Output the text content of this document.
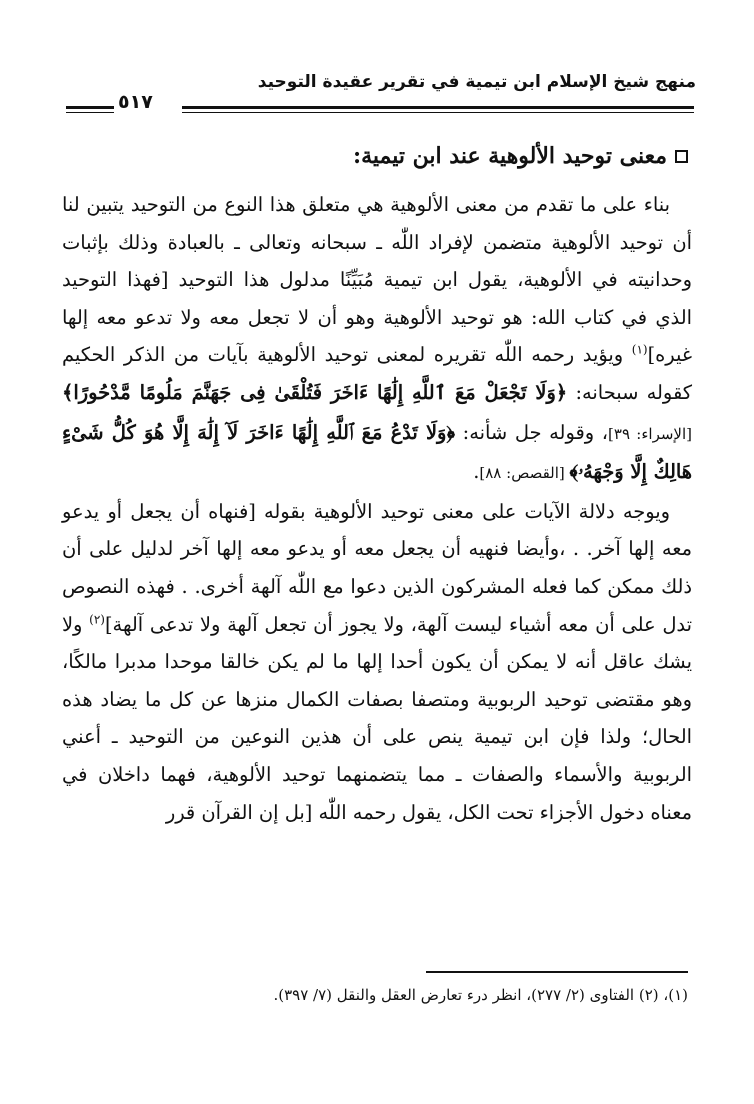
منهج شيخ الإسلام ابن تيمية في تقرير عقيدة التوحيد
٥١٧
معنى توحيد الألوهية عند ابن تيمية:

بناء على ما تقدم من معنى الألوهية هي متعلق هذا النوع من التوحيد يتبين لنا أن توحيد الألوهية متضمن لإفراد اللّٰه ـ سبحانه وتعالى ـ بالعبادة وذلك بإثبات وحدانيته في الألوهية، يقول ابن تيمية مُبَيِّنًا مدلول هذا التوحيد [فهذا التوحيد الذي في كتاب الله: هو توحيد الألوهية وهو أن لا تجعل معه ولا تدعو معه إلها غيره]$^{(١)}$ ويؤيد رحمه اللّٰه تقريره لمعنى توحيد الألوهية بآيات من الذكر الحكيم كقوله سبحانه: ﴿وَلَا تَجْعَلْ مَعَ ٱللَّهِ إِلَٰهًا ءَاخَرَ فَتُلْقَىٰ فِى جَهَنَّمَ مَلُومًا مَّدْحُورًا﴾ [الإسراء: ٣٩]، وقوله جل شأنه: ﴿وَلَا تَدْعُ مَعَ ٱللَّهِ إِلَٰهًا ءَاخَرَ لَآ إِلَٰهَ إِلَّا هُوَ كُلُّ شَىْءٍ هَالِكٌ إِلَّا وَجْهَهُۥ﴾ [القصص: ٨٨].

ويوجه دلالة الآيات على معنى توحيد الألوهية بقوله [فنهاه أن يجعل أو يدعو معه إلها آخر. . ،وأيضا فنهيه أن يجعل معه أو يدعو معه إلها آخر لدليل على أن ذلك ممكن كما فعله المشركون الذين دعوا مع اللّٰه آلهة أخرى. . فهذه النصوص تدل على أن معه أشياء ليست آلهة، ولا يجوز أن تجعل آلهة ولا تدعى آلهة]$^{(٢)}$ ولا يشك عاقل أنه لا يمكن أن يكون أحدا إلها ما لم يكن خالقا موحدا مدبرا مالكًا، وهو مقتضى توحيد الربوبية ومتصفا بصفات الكمال منزها عن كل ما يضاد هذه الحال؛ ولذا فإن ابن تيمية ينص على أن هذين النوعين من التوحيد ـ أعني الربوبية والأسماء والصفات ـ مما يتضمنهما توحيد الألوهية، فهما داخلان في معناه دخول الأجزاء تحت الكل، يقول رحمه اللّٰه [بل إن القرآن قرر

(١)، (٢) الفتاوى (٢/ ٢٧٧)، انظر درء تعارض العقل والنقل (٧/ ٣٩٧).
